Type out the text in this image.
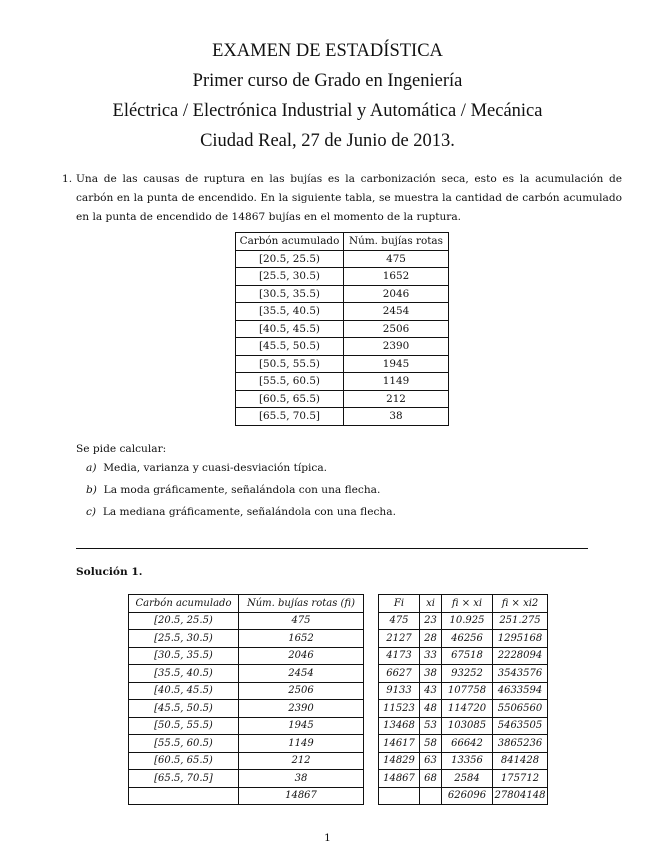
EXAMEN DE ESTADÍSTICA
Primer curso de Grado en Ingeniería
Eléctrica / Electrónica Industrial y Automática / Mecánica
Ciudad Real, 27 de Junio de 2013.
1. Una de las causas de ruptura en las bujías es la carbonización seca, esto es la acumulación de carbón en la punta de encendido. En la siguiente tabla, se muestra la cantidad de carbón acumulado en la punta de encendido de 14867 bujías en el momento de la ruptura.
Carbón acumulado	Núm. bujías rotas
[20.5, 25.5)	475
[25.5, 30.5)	1652
[30.5, 35.5)	2046
[35.5, 40.5)	2454
[40.5, 45.5)	2506
[45.5, 50.5)	2390
[50.5, 55.5)	1945
[55.5, 60.5)	1149
[60.5, 65.5)	212
[65.5, 70.5]	38
Se pide calcular:
a) Media, varianza y cuasi-desviación típica.
b) La moda gráficamente, señalándola con una flecha.
c) La mediana gráficamente, señalándola con una flecha.
Solución 1.
Carbón acumulado	Núm. bujías rotas (fi)
[20.5, 25.5)	475
[25.5, 30.5)	1652
[30.5, 35.5)	2046
[35.5, 40.5)	2454
[40.5, 45.5)	2506
[45.5, 50.5)	2390
[50.5, 55.5)	1945
[55.5, 60.5)	1149
[60.5, 65.5)	212
[65.5, 70.5]	38
	14867
Fi	xi	fi × xi	fi × xi2
475	23	10.925	251.275
2127	28	46256	1295168
4173	33	67518	2228094
6627	38	93252	3543576
9133	43	107758	4633594
11523	48	114720	5506560
13468	53	103085	5463505
14617	58	66642	3865236
14829	63	13356	841428
14867	68	2584	175712
		626096	27804148
1
